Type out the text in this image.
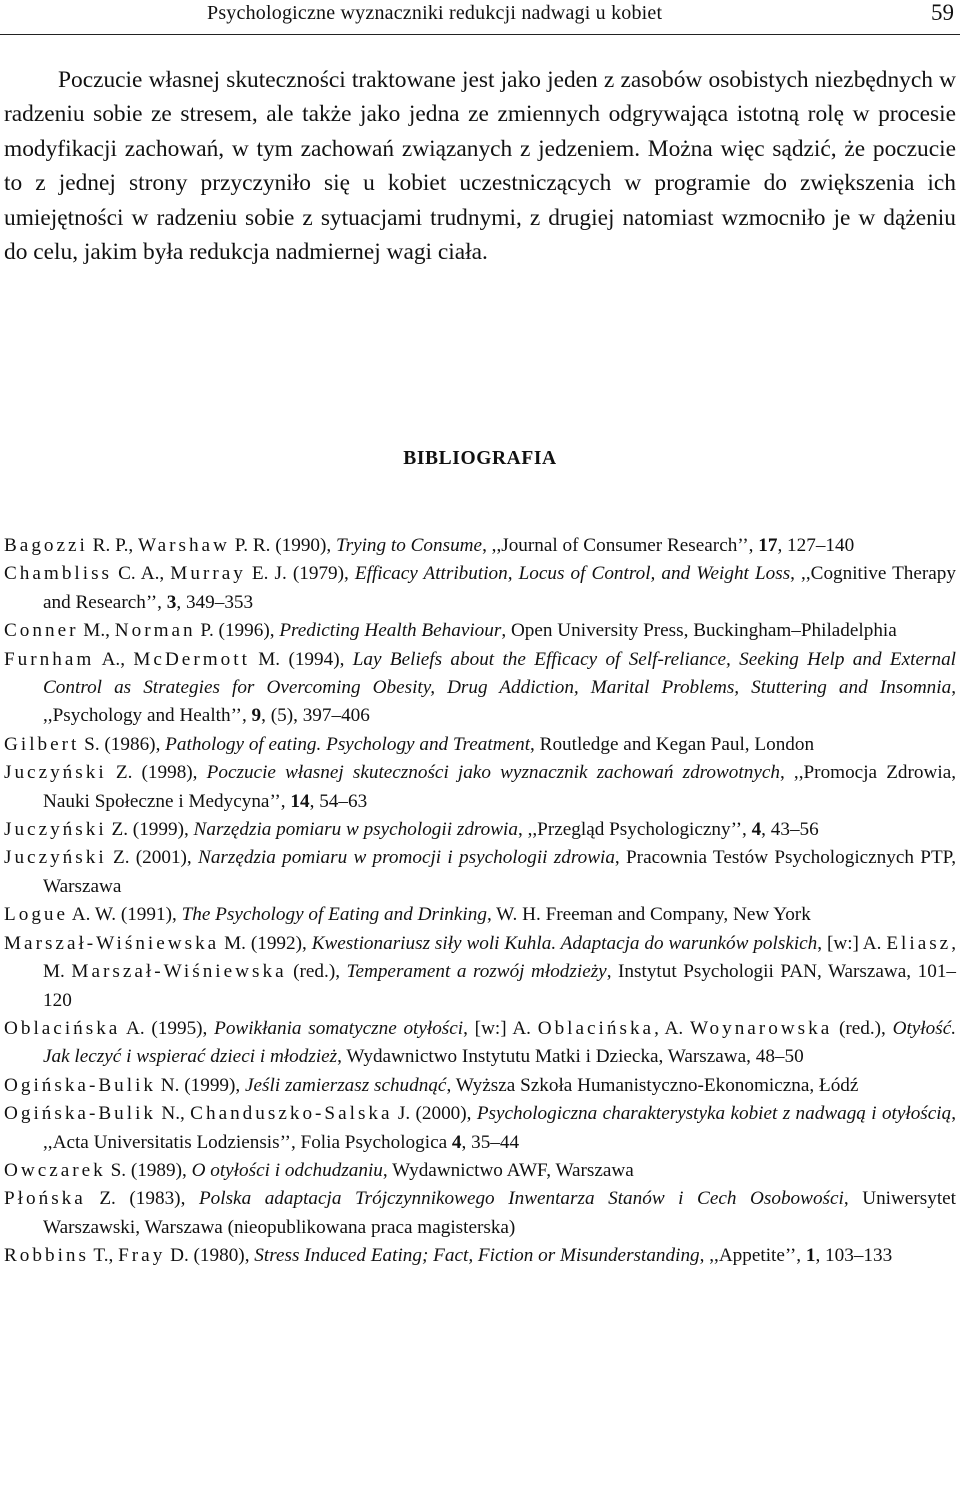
Psychologiczne wyznaczniki redukcji nadwagi u kobiet	59

Poczucie własnej skuteczności traktowane jest jako jeden z zasobów osobistych niezbędnych w radzeniu sobie ze stresem, ale także jako jedna ze zmiennych odgrywająca istotną rolę w procesie modyfikacji zachowań, w tym zachowań związanych z jedzeniem. Można więc sądzić, że poczucie to z jednej strony przyczyniło się u kobiet uczestniczących w programie do zwiększenia ich umiejętności w radzeniu sobie z sytuacjami trudnymi, z drugiej natomiast wzmocniło je w dążeniu do celu, jakim była redukcja nadmiernej wagi ciała.

BIBLIOGRAFIA
Bagozzi R. P., Warshaw P. R. (1990), Trying to Consume, ,,Journal of Consumer Research’’, 17, 127–140
Chambliss C. A., Murray E. J. (1979), Efficacy Attribution, Locus of Control, and Weight Loss, ,,Cognitive Therapy and Research’’, 3, 349–353
Conner M., Norman P. (1996), Predicting Health Behaviour, Open University Press, Buckingham–Philadelphia
Furnham A., McDermott M. (1994), Lay Beliefs about the Efficacy of Self-reliance, Seeking Help and External Control as Strategies for Overcoming Obesity, Drug Addiction, Marital Problems, Stuttering and Insomnia, ,,Psychology and Health’’, 9, (5), 397–406
Gilbert S. (1986), Pathology of eating. Psychology and Treatment, Routledge and Kegan Paul, London
Juczyński Z. (1998), Poczucie własnej skuteczności jako wyznacznik zachowań zdrowotnych, ,,Promocja Zdrowia, Nauki Społeczne i Medycyna’’, 14, 54–63
Juczyński Z. (1999), Narzędzia pomiaru w psychologii zdrowia, ,,Przegląd Psychologiczny’’, 4, 43–56
Juczyński Z. (2001), Narzędzia pomiaru w promocji i psychologii zdrowia, Pracownia Testów Psychologicznych PTP, Warszawa
Logue A. W. (1991), The Psychology of Eating and Drinking, W. H. Freeman and Company, New York
Marszał-Wiśniewska M. (1992), Kwestionariusz siły woli Kuhla. Adaptacja do warunków polskich, [w:] A. Eliasz, M. Marszał-Wiśniewska (red.), Temperament a rozwój młodzieży, Instytut Psychologii PAN, Warszawa, 101–120
Oblacińska A. (1995), Powikłania somatyczne otyłości, [w:] A. Oblacińska, A. Woynarowska (red.), Otyłość. Jak leczyć i wspierać dzieci i młodzież, Wydawnictwo Instytutu Matki i Dziecka, Warszawa, 48–50
Ogińska-Bulik N. (1999), Jeśli zamierzasz schudnąć, Wyższa Szkoła Humanistyczno-Ekonomiczna, Łódź
Ogińska-Bulik N., Chanduszko-Salska J. (2000), Psychologiczna charakterystyka kobiet z nadwagą i otyłością, ,,Acta Universitatis Lodziensis’’, Folia Psychologica 4, 35–44
Owczarek S. (1989), O otyłości i odchudzaniu, Wydawnictwo AWF, Warszawa
Płońska Z. (1983), Polska adaptacja Trójczynnikowego Inwentarza Stanów i Cech Osobowości, Uniwersytet Warszawski, Warszawa (nieopublikowana praca magisterska)
Robbins T., Fray D. (1980), Stress Induced Eating; Fact, Fiction or Misunderstanding, ,,Appetite’’, 1, 103–133
